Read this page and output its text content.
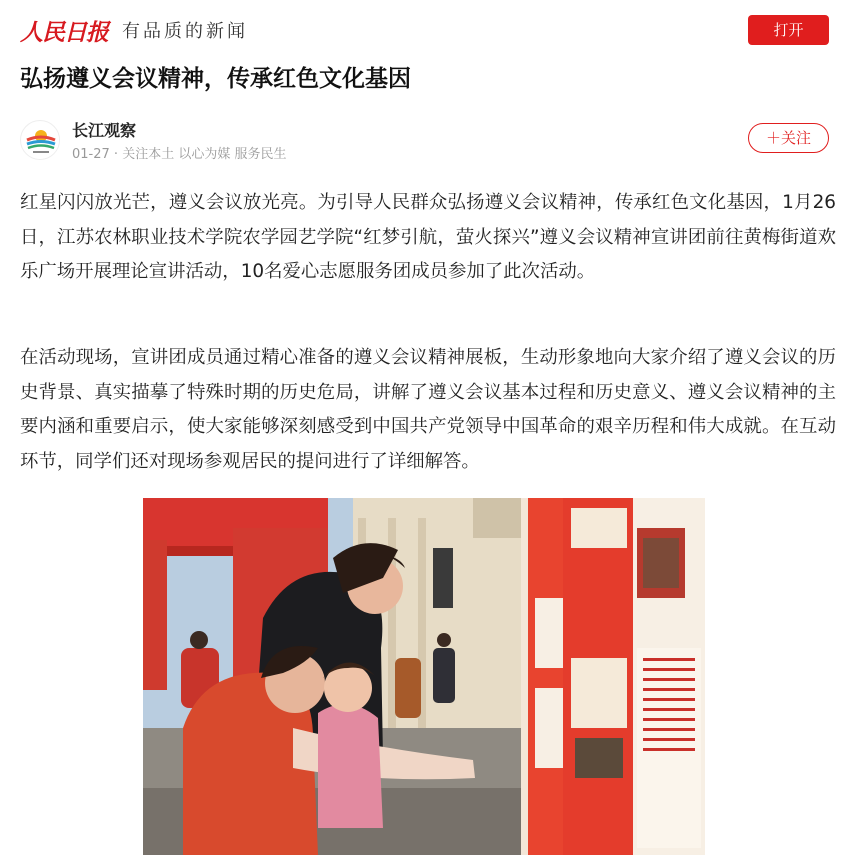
人民日报 有品质的新闻	打开
弘扬遵义会议精神，传承红色文化基因
长江观察
01-27 · 关注本土 以心为媒 服务民生
＋关注

红星闪闪放光芒，遵义会议放光亮。为引导人民群众弘扬遵义会议精神，传承红色文化基因，1月26日，江苏农林职业技术学院农学园艺学院“红梦引航，萤火探兴”遵义会议精神宣讲团前往黄梅街道欢乐广场开展理论宣讲活动，10名爱心志愿服务团成员参加了此次活动。

在活动现场，宣讲团成员通过精心准备的遵义会议精神展板，生动形象地向大家介绍了遵义会议的历史背景、真实描摹了特殊时期的历史危局，讲解了遵义会议基本过程和历史意义、遵义会议精神的主要内涵和重要启示，使大家能够深刻感受到中国共产党领导中国革命的艰辛历程和伟大成就。在互动环节，同学们还对现场参观居民的提问进行了详细解答。
